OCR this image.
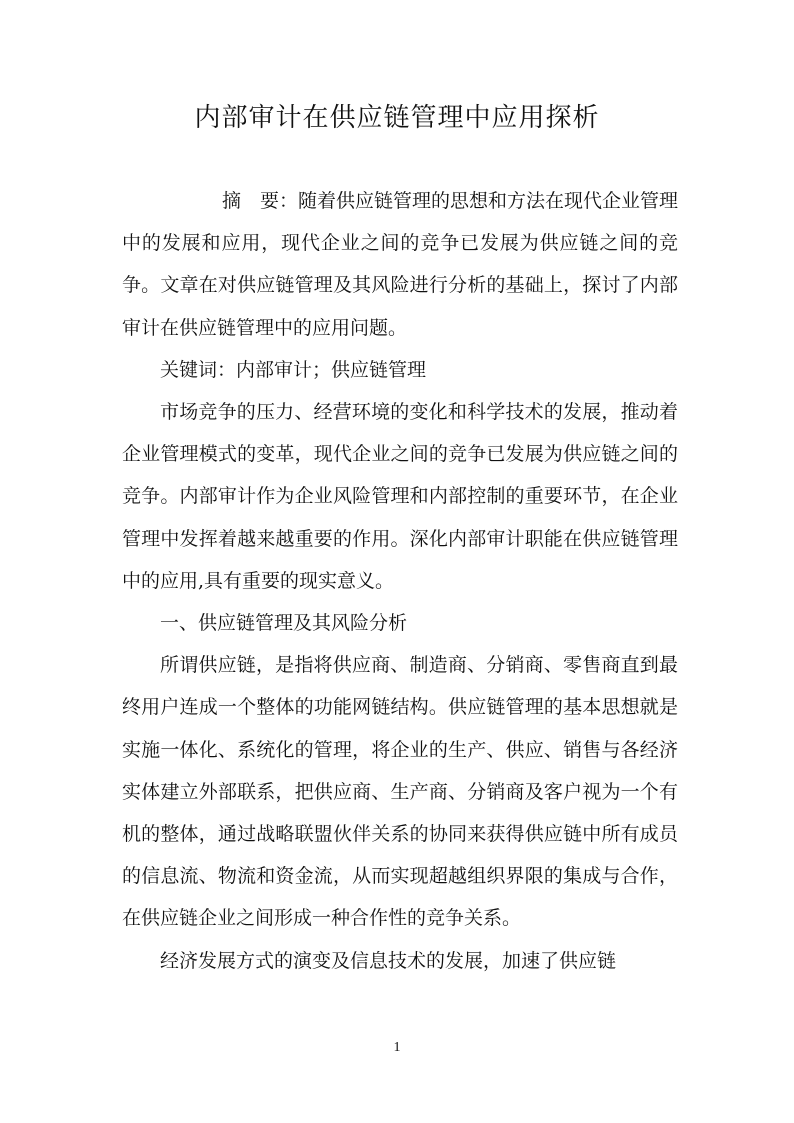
内部审计在供应链管理中应用探析

摘　要：随着供应链管理的思想和方法在现代企业管理中的发展和应用，现代企业之间的竞争已发展为供应链之间的竞争。文章在对供应链管理及其风险进行分析的基础上，探讨了内部审计在供应链管理中的应用问题。

关键词：内部审计；供应链管理

市场竞争的压力、经营环境的变化和科学技术的发展，推动着企业管理模式的变革，现代企业之间的竞争已发展为供应链之间的竞争。内部审计作为企业风险管理和内部控制的重要环节，在企业管理中发挥着越来越重要的作用。深化内部审计职能在供应链管理中的应用,具有重要的现实意义。

一、供应链管理及其风险分析

所谓供应链，是指将供应商、制造商、分销商、零售商直到最终用户连成一个整体的功能网链结构。供应链管理的基本思想就是实施一体化、系统化的管理，将企业的生产、供应、销售与各经济实体建立外部联系，把供应商、生产商、分销商及客户视为一个有机的整体，通过战略联盟伙伴关系的协同来获得供应链中所有成员的信息流、物流和资金流，从而实现超越组织界限的集成与合作，在供应链企业之间形成一种合作性的竞争关系。

经济发展方式的演变及信息技术的发展，加速了供应链

1
